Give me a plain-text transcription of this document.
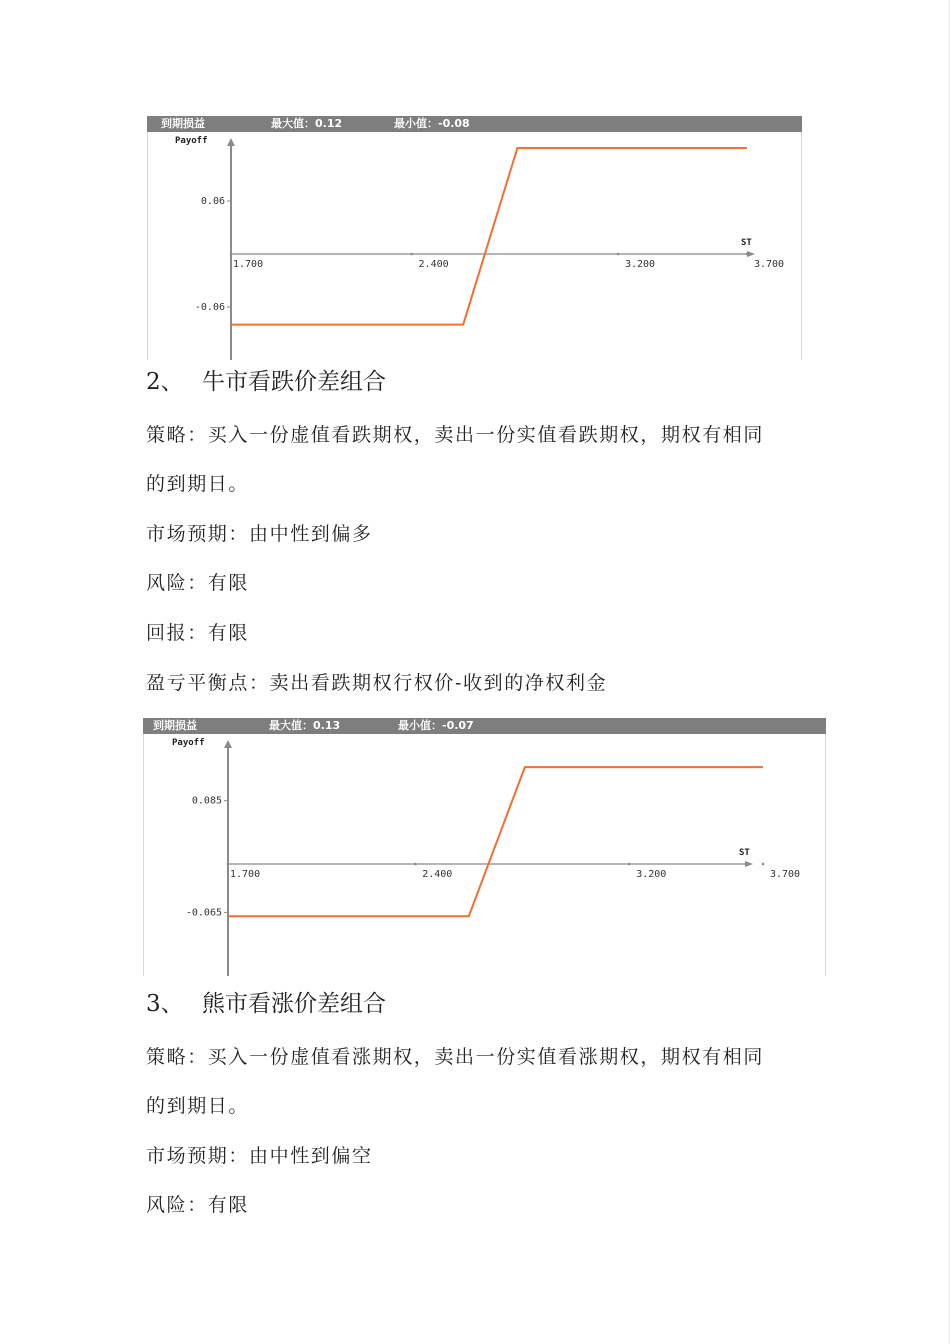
到期损益	最大值：0.12	最小值：-0.08
Payoff
ST
0.06
-0.06
1.700	2.400	3.200	3.700
2、 牛市看跌价差组合
策略：买入一份虚值看跌期权，卖出一份实值看跌期权，期权有相同
的到期日。
市场预期：由中性到偏多
风险：有限
回报：有限
盈亏平衡点：卖出看跌期权行权价-收到的净权利金
到期损益	最大值：0.13	最小值：-0.07
Payoff
ST
0.085
-0.065
1.700	2.400	3.200	3.700
3、 熊市看涨价差组合
策略：买入一份虚值看涨期权，卖出一份实值看涨期权，期权有相同
的到期日。
市场预期：由中性到偏空
风险：有限
